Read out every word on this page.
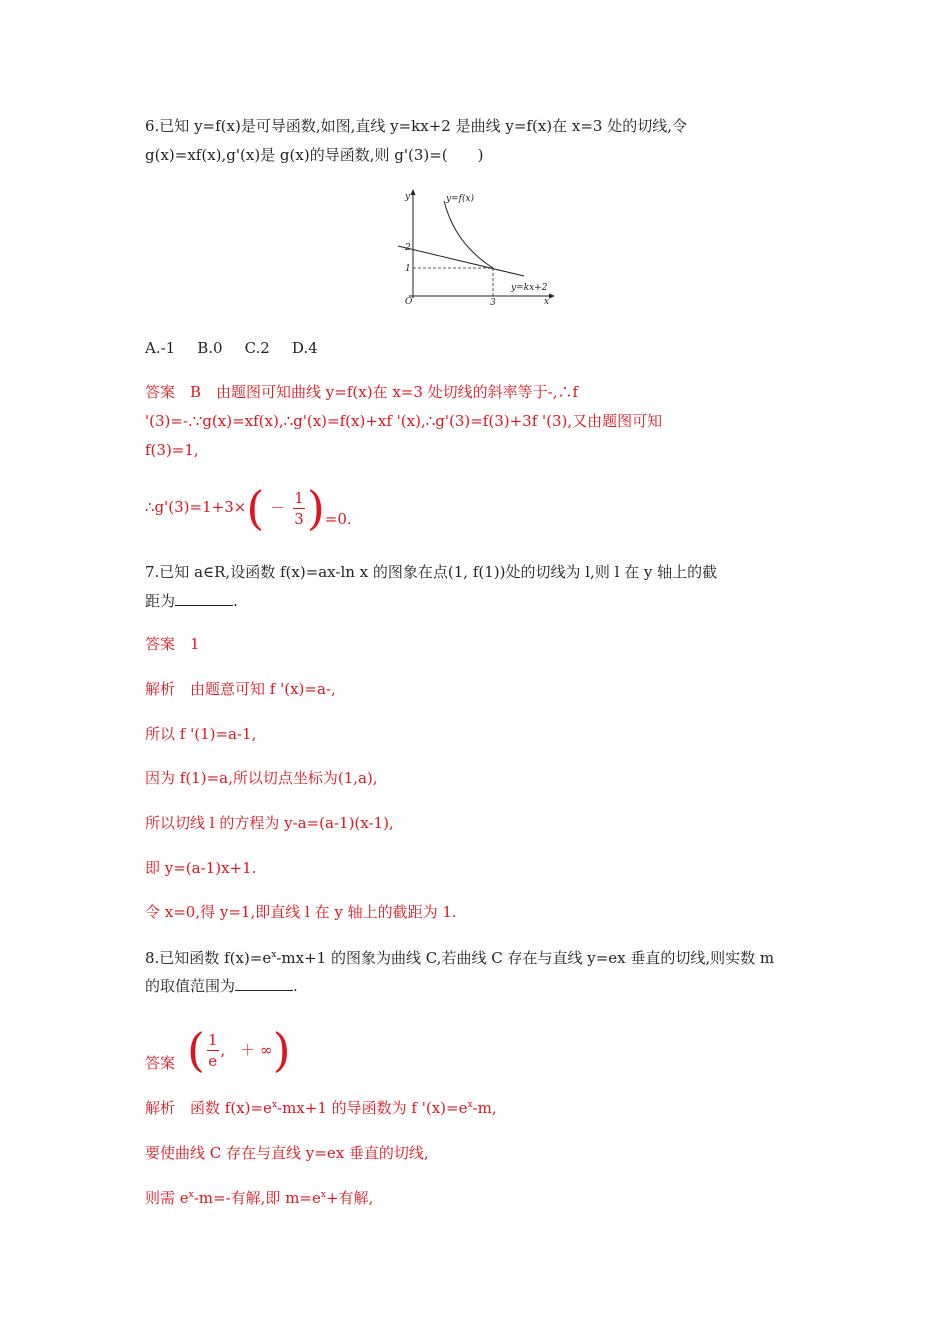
6.已知 y=f(x)是可导函数,如图,直线 y=kx+2 是曲线 y=f(x)在 x=3 处的切线,令
g(x)=xf(x),g'(x)是 g(x)的导函数,则 g'(3)=(　　)
y
x
O
2
1
3
y=f(x)
y=kx+2
A.-1 B.0 C.2 D.4
答案　B　由题图可知曲线 y=f(x)在 x=3 处切线的斜率等于-,∴f
'(3)=-.∵g(x)=xf(x),∴g'(x)=f(x)+xf '(x),∴g'(3)=f(3)+3f '(3),又由题图可知
f(3)=1,
∴g'(3)=1+3×( － $\frac{1}{3} )=0$.
7.已知 a∈R,设函数 f(x)=ax-ln x 的图象在点(1, f(1))处的切线为 l,则 l 在 y 轴上的截
距为	.
答案　1
解析　由题意可知 f '(x)=a-,
所以 f '(1)=a-1,
因为 f(1)=a,所以切点坐标为(1,a),
所以切线 l 的方程为 y-a=(a-1)(x-1),
即 y=(a-1)x+1.
令 x=0,得 y=1,即直线 l 在 y 轴上的截距为 1.
8.已知函数 $f(x)=e^x-mx+1$ 的图象为曲线 C,若曲线 C 存在与直线 y=ex 垂直的切线,则实数 m
的取值范围为	.
答案 ( $\frac{1}{e}$ ,　＋ ∞)
解析　函数 $f(x)=e^x-mx+1$ 的导函数为 f '$(x)=e^x-m$,
要使曲线 C 存在与直线 y=ex 垂直的切线,
则需 $e^x-m=-$有解,即 $m=e^x+$有解,
